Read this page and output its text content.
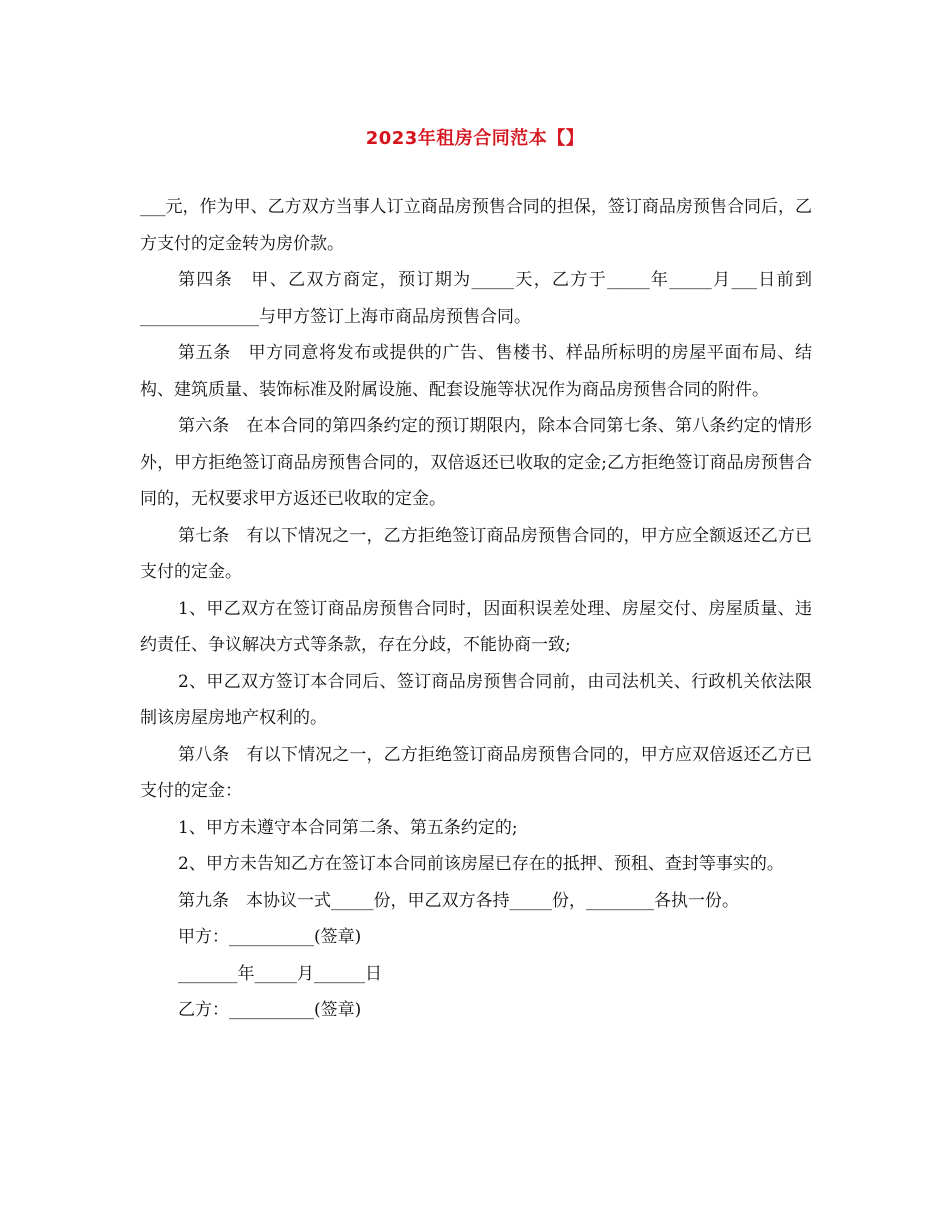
2023年租房合同范本【】

___元，作为甲、乙方双方当事人订立商品房预售合同的担保，签订商品房预售合同后，乙方支付的定金转为房价款。

第四条　甲、乙双方商定，预订期为_____天，乙方于_____年_____月___日前到______________与甲方签订上海市商品房预售合同。

第五条　甲方同意将发布或提供的广告、售楼书、样品所标明的房屋平面布局、结构、建筑质量、装饰标准及附属设施、配套设施等状况作为商品房预售合同的附件。

第六条　在本合同的第四条约定的预订期限内，除本合同第七条、第八条约定的情形外，甲方拒绝签订商品房预售合同的，双倍返还已收取的定金;乙方拒绝签订商品房预售合同的，无权要求甲方返还已收取的定金。

第七条　有以下情况之一，乙方拒绝签订商品房预售合同的，甲方应全额返还乙方已支付的定金。

1、甲乙双方在签订商品房预售合同时，因面积误差处理、房屋交付、房屋质量、违约责任、争议解决方式等条款，存在分歧，不能协商一致;

2、甲乙双方签订本合同后、签订商品房预售合同前，由司法机关、行政机关依法限制该房屋房地产权利的。

第八条　有以下情况之一，乙方拒绝签订商品房预售合同的，甲方应双倍返还乙方已支付的定金：

1、甲方未遵守本合同第二条、第五条约定的;

2、甲方未告知乙方在签订本合同前该房屋已存在的抵押、预租、查封等事实的。

第九条　本协议一式_____份，甲乙双方各持_____份，________各执一份。

甲方：__________(签章)

_______年_____月______日

乙方：__________(签章)
